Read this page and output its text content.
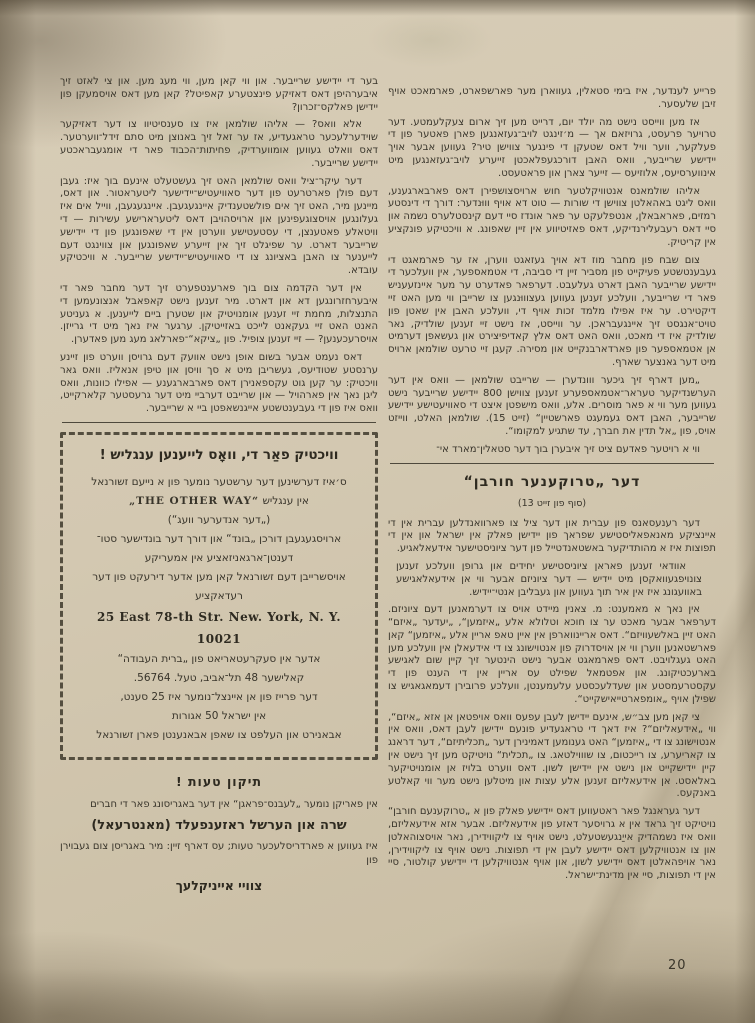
בער די יידישע שרייבער. און ווי קאן מען, ווי מעג מען. און צי לאזט זיך איבערהיפן דאס דאזיקע פינצטערע קאפיטל? קאן מען דאס אויסמעקן פון יידישן פאלקס־זכרון?

אלא וואס? — אליהו שולמאן איז צו סענסיטיוו צו דער דאזיקער שוידערלעכער טראגעדיע, אז ער זאל זיך באנוצן מיט סתם זידל־ווערטער. דאס וואלט געווען אומווערדיק, פחיתות־הכבוד פאר די אומגעבראכטע יידישע שרייבער.

דער עיקר־ציל וואס שולמאן האט זיך געשטעלט אינעם בוך איז: געבן דעם פולן פארטרעט פון דער סאוויעטיש־יידישער ליטעראטור. און דאס, מיינען מיר, האט זיך אים פולשטענדיק איינגעגעבן. איינגעגעבן, ווייל אים איז געלונגען אויסצוגעפינען און ארויסהויבן דאס ליטערארישע עשירות — די וויטאלע פאטענצן, די עסטעטישע ווערטן אין די שאפונגען פון די יידישע שרייבער דארט. ער שפיגלט זיך אין זייערע שאפונגען און צווינגט דעם לייענער צו האבן באציונג צו די סאוויעטיש־יידישע שרייבער. א וויכטיקע עובדא.

אין דער הקדמה צום בוך פארענטפערט זיך דער מחבר פאר די איבערחזרונגען דא און דארט. מיר זענען נישט קאפאבל אנצונעמען די התנצלות, מחמת זיי זענען אומנויטיק און שטערן ביים לייענען. א געניטע האנט האט זיי געקאנט לייכט באזייטיקן. ערגער איז נאך מיט די גרייזן. אויסרעכענען? — זיי זענען צופיל. פון „ציקא“־פארלאג מעג מען פאדערן.

דאס נעמט אבער בשום אופן נישט אוועק דעם גרויסן ווערט פון זיינע ערנסטע שטודיעס, געשריבן מיט א סך וויסן און טיפן אנאליז. וואס גאר וויכטיק: ער קען גוט עקספאנירן דאס פארבארגענע — אפילו כוונות, וואס ליגן נאך אין פארהויל — און שרייבט דערביי מיט דער גרעסטער קלארקייט, וואס איז פון די געבענטשטע אייגנשאפטן ביי א שרייבער.

וויכטיק פאַר די, וואָס לייענען ענגליש !
ס׳איז דערשינען דער ערשטער נומער פון א נייעם זשורנאל
אין ענגליש „THE OTHER WAY“
(„דער אנדערער וועג“)
ארויסגעגעבן דורכן „בונד“ און דורך דער בונדישער סטו־
דענטן־ארגאניזאציע אין אמעריקע
אויסשרייבן דעם זשורנאל קאן מען אדער דירעקט פון דער
רעדאקציע
25 East 78-th Str. New. York, N. Y. 10021
אדער אין סעקרעטאריאט פון „ברית העבודה“
קאלישער 48 תל־אביב, טעל. 56764.
דער פרייז פון אן איינצל־נומער איז 25 סענט,
אין ישראל 50 אגורות
אבאנירט און העלפט צו שאפן אבאנענטן פארן זשורנאל
תיקון טעות !

אין פאריקן נומער „לעבנס־פראגן“ אין דער באגריסונג פאר די חברים

שרה און הערשל ראזענפעלד (מאנטרעאל)

איז געווען א פארדריסלעכער טעות; עס דארף זיין: מיר באגריסן צום געבוירן פון

צוויי אייניקלעך

פרייע לענדער, איז בימי סטאלין, געווארן מער פארשפארט, פארמאכט אויף זיבן שלעסער.

אז מען ווייסט נישט מה יולד יום, דרייט מען זיך ארום צעקלעמטע. דער טרויער פרעסט, גרויזאם אך — מ׳זינגט לויב־געזאנגען פארן פאטער פון די פעלקער, ווער וויל דאס שטעקן די פינגער צווישן טיר? געווען אבער אויך יידישע שרייבער, וואס האבן דורכגעפלאכטן זייערע לויב־געזאנגען מיט אינווערסיעס, אלוזיעס — זייער צארן און פראטעסט.

אליהו שולמאנס אנטוויקלטער חוש ארויסצושפירן דאס פארבארגענע, וואס ליגט באהאלטן צווישן די שורות — טוט דא אויף וווּנדער: דורך די דינסטע רמזים, פאראבאלן, אנטפלעקט ער פאר אונדז סיי דעם קינסטלערס נשמה און סיי דאס רעבעלירנדיקע, דאס פאזיטיווע אין זיין שאפונג. א וויכטיקע פונקציע אין קריטיק.

צום שבח פון מחבר מוז דא אויך געזאגט ווערן, אז ער פארמאגט די געבענטשטע פעיקייט פון מסביר זיין די סביבה, די אטמאספער, אין וועלכער די יידישע שרייבער האבן דארט געלעבט. דערפאר פאדערט ער מער איינזעעניש פאר די שרייבער, וועלכע זענען געווען געצוווּנגען צו שרייבן ווי מען האט זיי דיקטירט. ער איז אפילו מלמד זכות אויף די, וועלכע האבן אין שאטן פון טויט־אנגסט זיך איינגעבראכן. ער ווייסט, אז נישט זיי זענען שולדיק, נאר שולדיק איז די מאכט, וואס האט דאס אלץ קאדיפיצירט און געשאפן דערמיט אן אטמאספער פון פארדארבנקייט און מסירה. קעגן זיי טרעט שולמאן ארויס מיט דער גאנצער שארף.

„מען דארף זיך גיכער ווונדערן — שרייבט שולמאן — וואס אין דער הערשנדיקער טעראר־אטמאספערע זענען צווישן 800 יידישע שרייבער נישט געווען מער ווי א פאר מוסרים. אלע, וואס מישפטן איצט די סאוויעטישע יידישע שרייבער, האבן דאס געמעגט פארשטיין“ (זייט 15). שולמאן האלט, ווייזט אויס, פון „אל תדין את חברך, עד שתגיע למקומו“.

ווי א רויטער פאדעם ציט זיך איבערן בוך דער סטאלין־מארד אי־

דער „טרוקענער חורבן“
(סוף פון זייט 13)

דער רענעסאנס פון עברית און דער ציל צו פארוואנדלען עברית אין די איינציקע מאנאפאליסטישע שפראך פון יידישן פאלק אין ישראל און אין די תפוצות איז א מהותדיקער באשטאנדטייל פון דער ציוניסטישער אידעאלאגיע.

אוודאי זענען פאראן ציוניסטישע יחידים און גרופן וועלכע זענען צונויפגעוואקסן מיט יידיש — דער ציוניזם אבער ווי אן אידעאלאגישע באוועגונג איז אין איר תוך געווען און געבליבן אנטי־יידיש.

אין נאך א מאמענט: מ. צאנין מיידט אויס צו דערמאנען דעם ציוניזם. דערפאר אבער מאכט ער צו חוכא וטלולא אלע „איזמען“, „יעדער „איזם“ האט זיין באלשעוויזם“. דאס אריינווארפן אין איין טאפ אריין אלע „איזמען“ קאן פארשטאנען ווערן ווי אן אויסדרוק פון אנטוישונג צו די אידעאלן אין וועלכע מען האט געגלויבט. דאס פארמאגט אבער נישט הינטער זיך קיין שום לאגישע בארעכטיקונג. און אפטמאל שפילט עס אריין אין די הענט פון די עקסטרעמסטע און שעדלעכסטע עלעמענטן, וועלכע פרובירן דעמאגאגיש צו שפילן אויף „אומפארטייאישקייט“.

צי קאן מען צב״ש, אינעם יידישן לעבן עפעס וואס אויפטאן אן אזא „איזם“, ווי „אידעאליזם“? איז דאך די טראגעדיע פונעם יידישן לעבן דאס, וואס אין אנטוישונג צו די „איזמען“ האט גענומען דאמינירן דער „תכליתיזם“, דער דראנג צו קאריערע, צו רייכטום, צו שוווילטאג. צו „תכלית“ נויטיקט מען זיך נישט אין קיין יידישקייט און נישט אין יידישן לשון. דאס ווערט בלויז אן אומנויטיקער באלאסט. אן אידעאליזם זענען אלע עצות און מיטלען נישט מער ווי קאלטע באנקעס.

דער געראנגל פאר ראטעווען דאס יידישע פאלק פון א „טרוקענעם חורבן“ נויטיקט זיך גראד אין א גרויסער דאזע פון אידעאליזם. אבער אזא אידעאליזם, וואס איז נשמהדיק אייַנגעשטעלט, נישט אויף צו ליקווידירן, נאר אויסצוהאלטן און צו אנטוויקלען דאס יידישע לעבן אין די תפוצות. נישט אויף צו ליקווידירן, נאר אויפהאלטן דאס יידישע לשון, און אויף אנטוויקלען די יידישע קולטור, סיי אין די תפוצות, סיי אין מדינת־ישראל.

20
